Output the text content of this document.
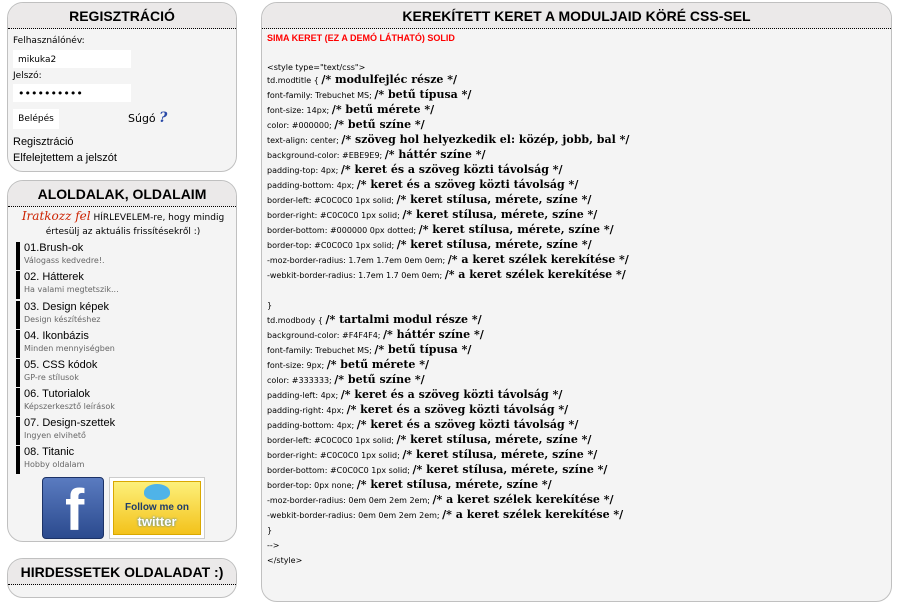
REGISZTRÁCIÓ
Felhasználónév:
mikuka2
Jelszó:
••••••••••
Belépés	Súgó ?
Regisztráció
Elfelejtettem a jelszót
ALOLDALAK, OLDALAIM
Iratkozz fel HÍRLEVELEM-re, hogy mindig
értesülj az aktuális frissítésekről :)
01.Brush-ok
Válogass kedvedre!.
02. Hátterek
Ha valami megtetszik...
03. Design képek
Design készítéshez
04. Ikonbázis
Minden mennyiségben
05. CSS kódok
GP-re stílusok
06. Tutorialok
Képszerkesztő leírások
07. Design-szettek
Ingyen elvihető
08. Titanic
Hobby oldalam
f	Follow me on
twitter
HIRDESSETEK OLDALADAT :)
KEREKÍTETT KERET A MODULJAID KÖRÉ CSS-SEL
SIMA KERET (EZ A DEMÓ LÁTHATÓ) SOLID
<style type="text/css">
td.modtitle { /* modulfejléc része */
font-family: Trebuchet MS; /* betű típusa */
font-size: 14px; /* betű mérete */
color: #000000; /* betű színe */
text-align: center; /* szöveg hol helyezkedik el: közép, jobb, bal */
background-color: #EBE9E9; /* háttér színe */
padding-top: 4px; /* keret és a szöveg közti távolság */
padding-bottom: 4px; /* keret és a szöveg közti távolság */
border-left: #C0C0C0 1px solid; /* keret stílusa, mérete, színe */
border-right: #C0C0C0 1px solid; /* keret stílusa, mérete, színe */
border-bottom: #000000 0px dotted; /* keret stílusa, mérete, színe */
border-top: #C0C0C0 1px solid; /* keret stílusa, mérete, színe */
-moz-border-radius: 1.7em 1.7em 0em 0em; /* a keret szélek kerekítése */
-webkit-border-radius: 1.7em 1.7 0em 0em; /* a keret szélek kerekítése */
}
td.modbody { /* tartalmi modul része */
background-color: #F4F4F4; /* háttér színe */
font-family: Trebuchet MS; /* betű típusa */
font-size: 9px; /* betű mérete */
color: #333333; /* betű színe */
padding-left: 4px; /* keret és a szöveg közti távolság */
padding-right: 4px; /* keret és a szöveg közti távolság */
padding-bottom: 4px; /* keret és a szöveg közti távolság */
border-left: #C0C0C0 1px solid; /* keret stílusa, mérete, színe */
border-right: #C0C0C0 1px solid; /* keret stílusa, mérete, színe */
border-bottom: #C0C0C0 1px solid; /* keret stílusa, mérete, színe */
border-top: 0px none; /* keret stílusa, mérete, színe */
-moz-border-radius: 0em 0em 2em 2em; /* a keret szélek kerekítése */
-webkit-border-radius: 0em 0em 2em 2em; /* a keret szélek kerekítése */
}
-->
</style>
